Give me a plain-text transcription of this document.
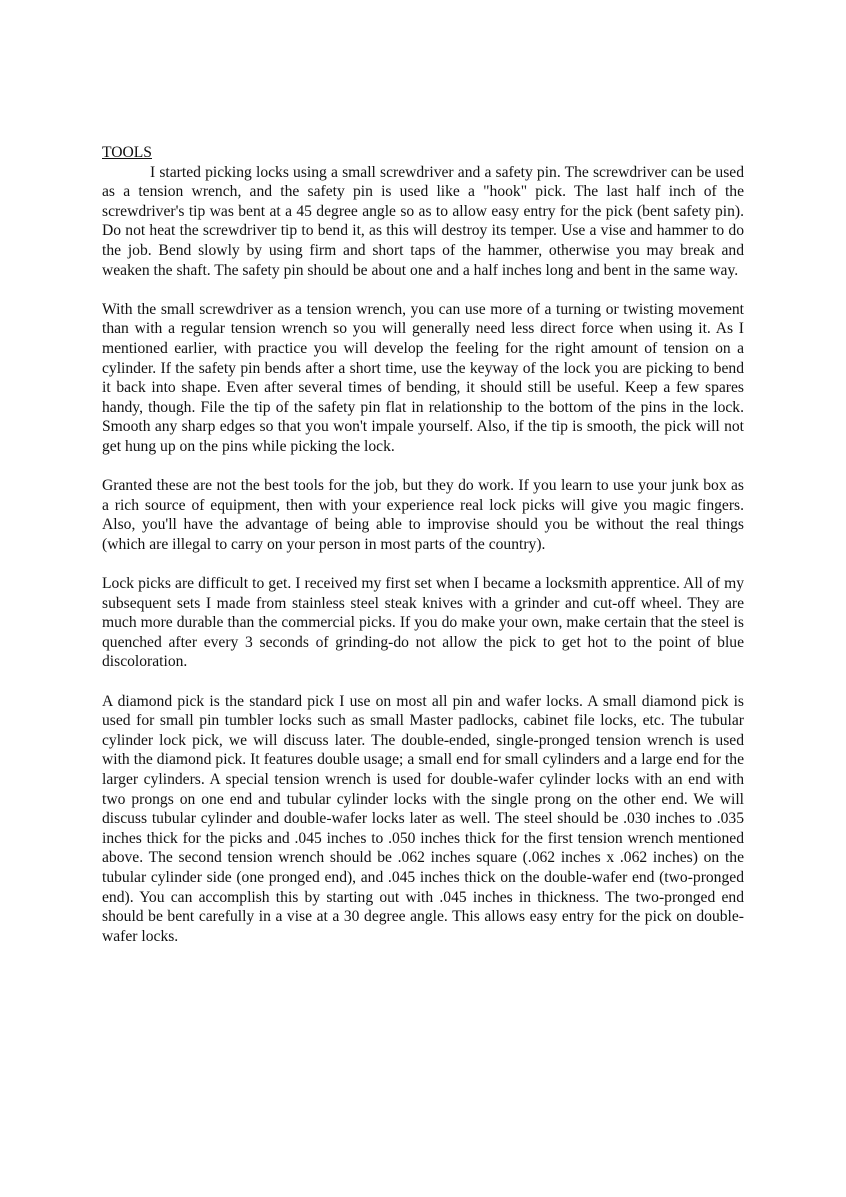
TOOLS

I started picking locks using a small screwdriver and a safety pin. The screwdriver can be used as a tension wrench, and the safety pin is used like a "hook" pick. The last half inch of the screwdriver's tip was bent at a 45 degree angle so as to allow easy entry for the pick (bent safety pin). Do not heat the screwdriver tip to bend it, as this will destroy its temper. Use a vise and hammer to do the job. Bend slowly by using firm and short taps of the hammer, otherwise you may break and weaken the shaft. The safety pin should be about one and a half inches long and bent in the same way.

With the small screwdriver as a tension wrench, you can use more of a turning or twisting movement than with a regular tension wrench so you will generally need less direct force when using it. As I mentioned earlier, with practice you will develop the feeling for the right amount of tension on a cylinder. If the safety pin bends after a short time, use the keyway of the lock you are picking to bend it back into shape. Even after several times of bending, it should still be useful. Keep a few spares handy, though. File the tip of the safety pin flat in relationship to the bottom of the pins in the lock. Smooth any sharp edges so that you won't impale yourself. Also, if the tip is smooth, the pick will not get hung up on the pins while picking the lock.

Granted these are not the best tools for the job, but they do work. If you learn to use your junk box as a rich source of equipment, then with your experience real lock picks will give you magic fingers. Also, you'll have the advantage of being able to improvise should you be without the real things (which are illegal to carry on your person in most parts of the country).

Lock picks are difficult to get. I received my first set when I became a locksmith apprentice. All of my subsequent sets I made from stainless steel steak knives with a grinder and cut-off wheel. They are much more durable than the commercial picks. If you do make your own, make certain that the steel is quenched after every 3 seconds of grinding-do not allow the pick to get hot to the point of blue discoloration.

A diamond pick is the standard pick I use on most all pin and wafer locks. A small diamond pick is used for small pin tumbler locks such as small Master padlocks, cabinet file locks, etc. The tubular cylinder lock pick, we will discuss later. The double-ended, single-pronged tension wrench is used with the diamond pick. It features double usage; a small end for small cylinders and a large end for the larger cylinders. A special tension wrench is used for double-wafer cylinder locks with an end with two prongs on one end and tubular cylinder locks with the single prong on the other end. We will discuss tubular cylinder and double-wafer locks later as well. The steel should be .030 inches to .035 inches thick for the picks and .045 inches to .050 inches thick for the first tension wrench mentioned above. The second tension wrench should be .062 inches square (.062 inches x .062 inches) on the tubular cylinder side (one pronged end), and .045 inches thick on the double-wafer end (two-pronged end). You can accomplish this by starting out with .045 inches in thickness. The two-pronged end should be bent carefully in a vise at a 30 degree angle. This allows easy entry for the pick on double-wafer locks.
